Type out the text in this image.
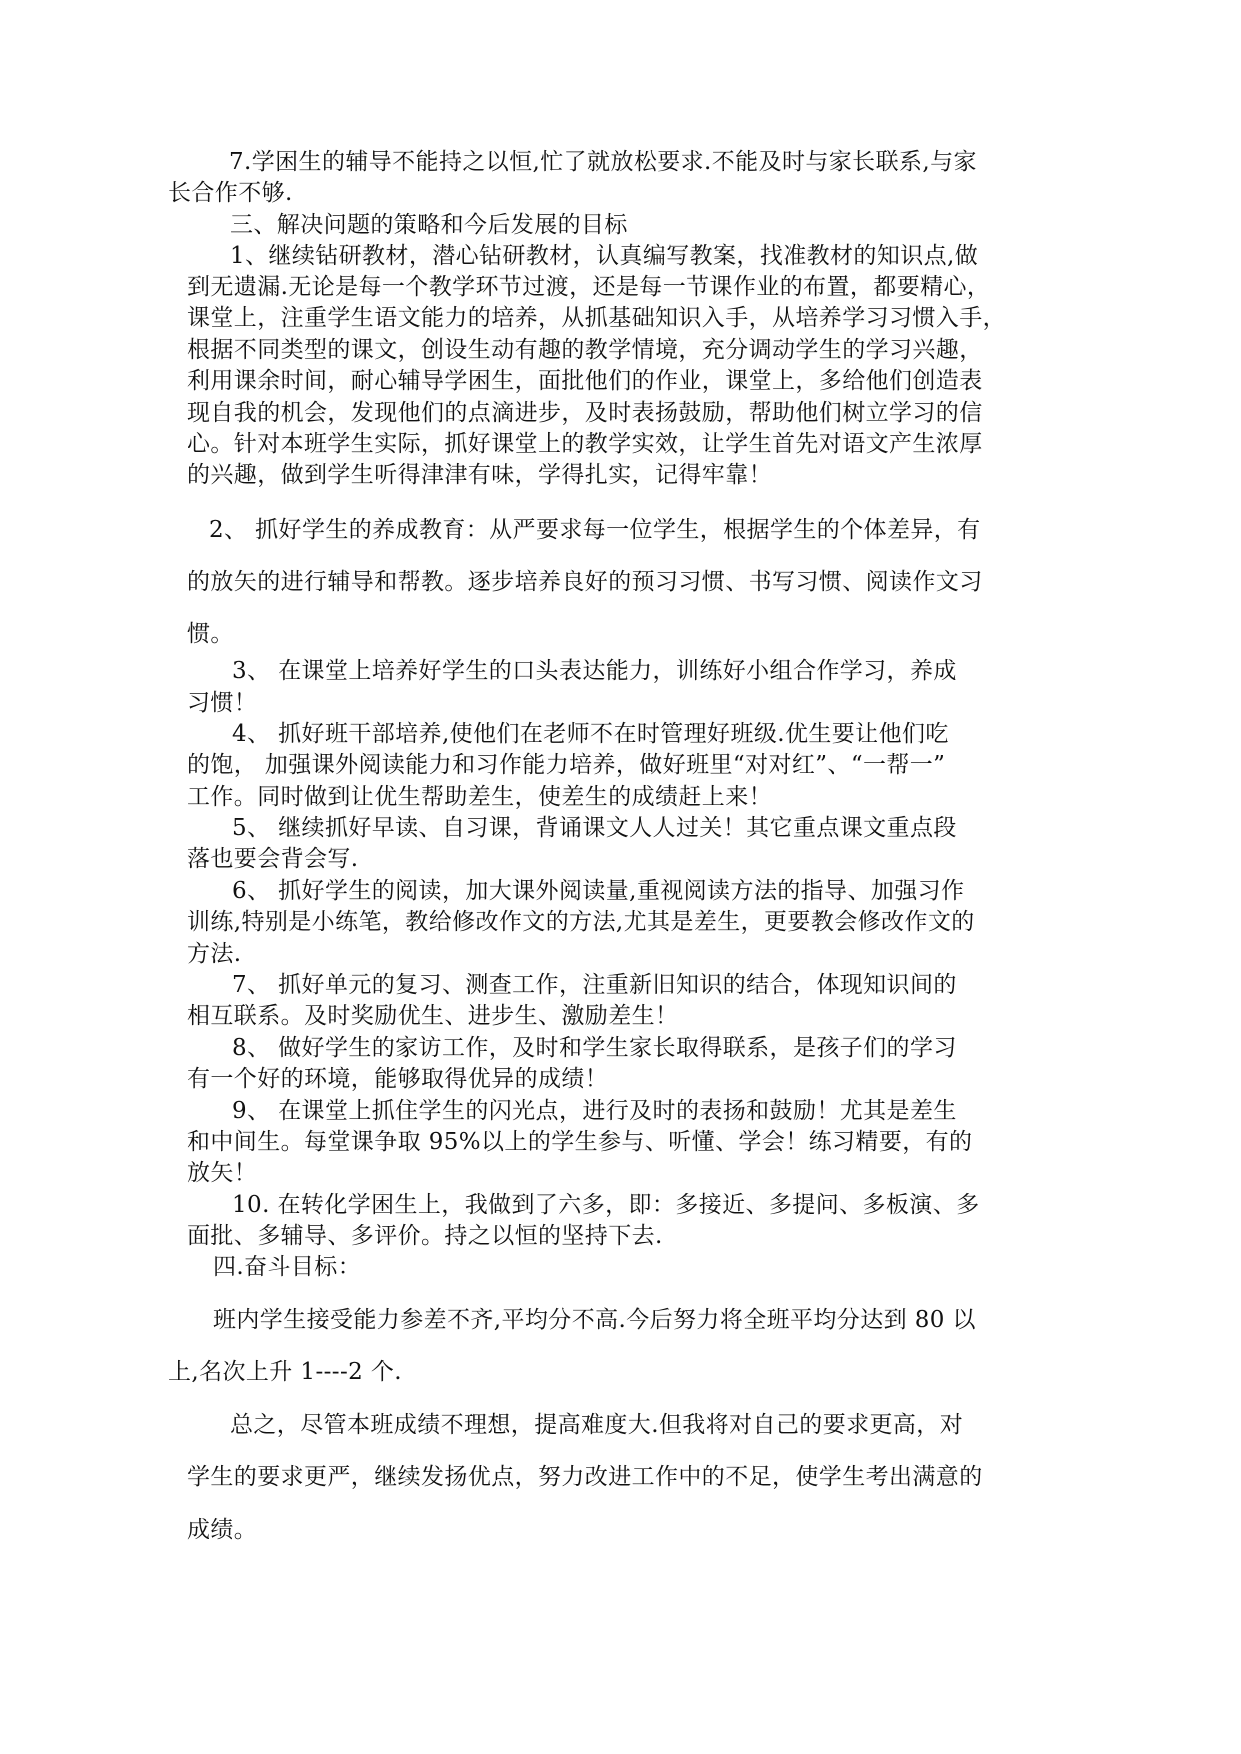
7.学困生的辅导不能持之以恒,忙了就放松要求.不能及时与家长联系,与家

长合作不够.

三、解决问题的策略和今后发展的目标

1、继续钻研教材，潜心钻研教材，认真编写教案，找准教材的知识点,做

到无遗漏.无论是每一个教学环节过渡，还是每一节课作业的布置，都要精心，

课堂上，注重学生语文能力的培养，从抓基础知识入手，从培养学习习惯入手，

根据不同类型的课文，创设生动有趣的教学情境，充分调动学生的学习兴趣，

利用课余时间，耐心辅导学困生，面批他们的作业，课堂上，多给他们创造表

现自我的机会，发现他们的点滴进步，及时表扬鼓励，帮助他们树立学习的信

心。针对本班学生实际，抓好课堂上的教学实效，让学生首先对语文产生浓厚

的兴趣，做到学生听得津津有味，学得扎实，记得牢靠！

2、 抓好学生的养成教育：从严要求每一位学生，根据学生的个体差异，有

的放矢的进行辅导和帮教。逐步培养良好的预习习惯、书写习惯、阅读作文习

惯。

3、 在课堂上培养好学生的口头表达能力，训练好小组合作学习，养成

习惯！

4、 抓好班干部培养,使他们在老师不在时管理好班级.优生要让他们吃

的饱， 加强课外阅读能力和习作能力培养，做好班里“对对红”、“一帮一”

工作。同时做到让优生帮助差生，使差生的成绩赶上来！

5、 继续抓好早读、自习课，背诵课文人人过关！其它重点课文重点段

落也要会背会写.

6、 抓好学生的阅读，加大课外阅读量,重视阅读方法的指导、加强习作

训练,特别是小练笔，教给修改作文的方法,尤其是差生，更要教会修改作文的

方法.

7、 抓好单元的复习、测查工作，注重新旧知识的结合，体现知识间的

相互联系。及时奖励优生、进步生、激励差生！

8、 做好学生的家访工作，及时和学生家长取得联系，是孩子们的学习

有一个好的环境，能够取得优异的成绩！

9、 在课堂上抓住学生的闪光点，进行及时的表扬和鼓励！尤其是差生

和中间生。每堂课争取 95%以上的学生参与、听懂、学会！练习精要，有的

放矢！

10. 在转化学困生上，我做到了六多，即：多接近、多提问、多板演、多

面批、多辅导、多评价。持之以恒的坚持下去.

四.奋斗目标：

班内学生接受能力参差不齐,平均分不高.今后努力将全班平均分达到 80 以

上,名次上升 1----2 个.

总之，尽管本班成绩不理想，提高难度大.但我将对自己的要求更高，对

学生的要求更严，继续发扬优点，努力改进工作中的不足，使学生考出满意的

成绩。
